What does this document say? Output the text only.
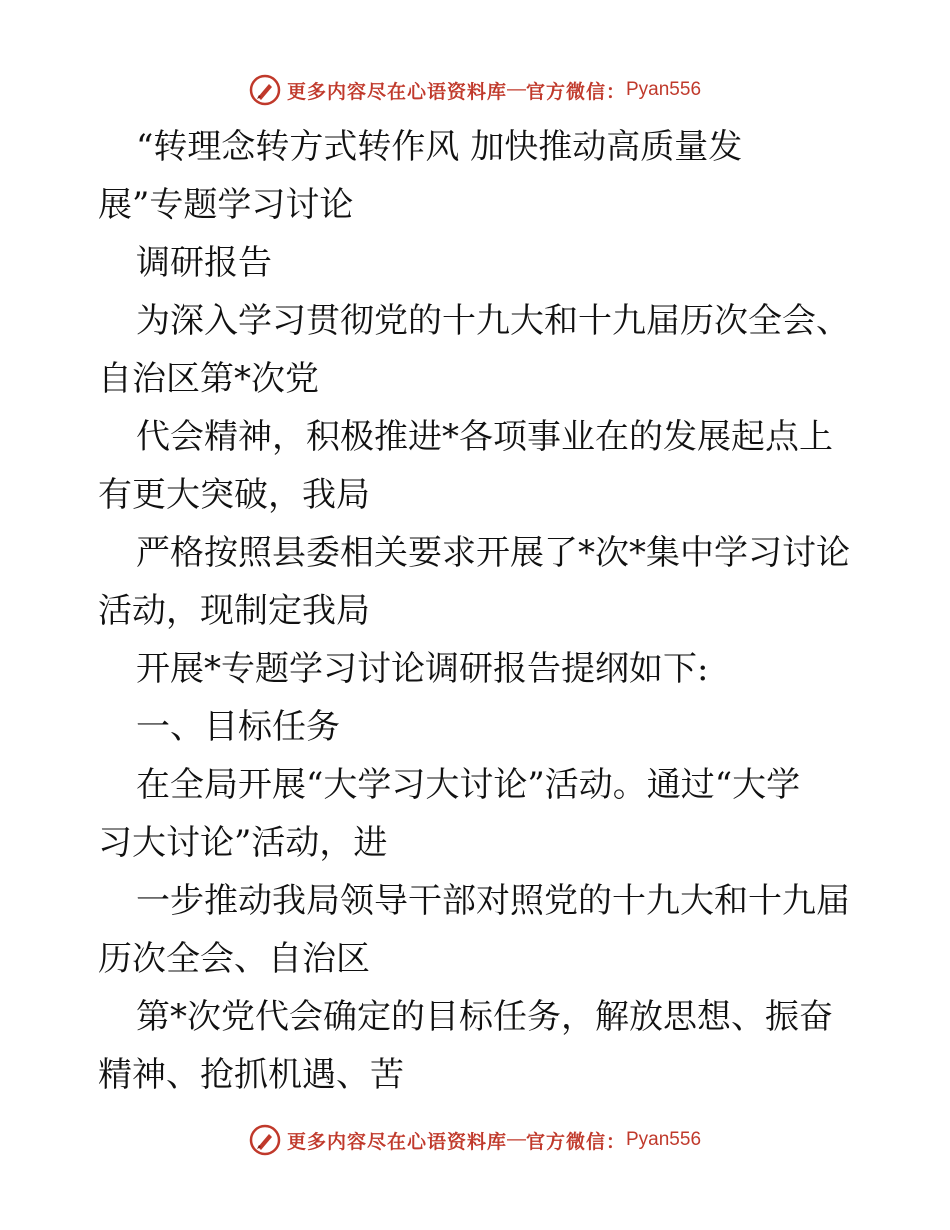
更多内容尽在心语资料库 — 官方微信： Pyan556

“转理念转方式转作风 加快推动高质量发

展”专题学习讨论

调研报告

为深入学习贯彻党的十九大和十九届历次全会、

自治区第*次党

代会精神，积极推进*各项事业在的发展起点上

有更大突破，我局

严格按照县委相关要求开展了*次*集中学习讨论

活动，现制定我局

开展*专题学习讨论调研报告提纲如下:

一、目标任务

在全局开展“大学习大讨论”活动。通过“大学

习大讨论”活动，进

一步推动我局领导干部对照党的十九大和十九届

历次全会、自治区

第*次党代会确定的目标任务，解放思想、振奋

精神、抢抓机遇、苦

更多内容尽在心语资料库 — 官方微信： Pyan556
